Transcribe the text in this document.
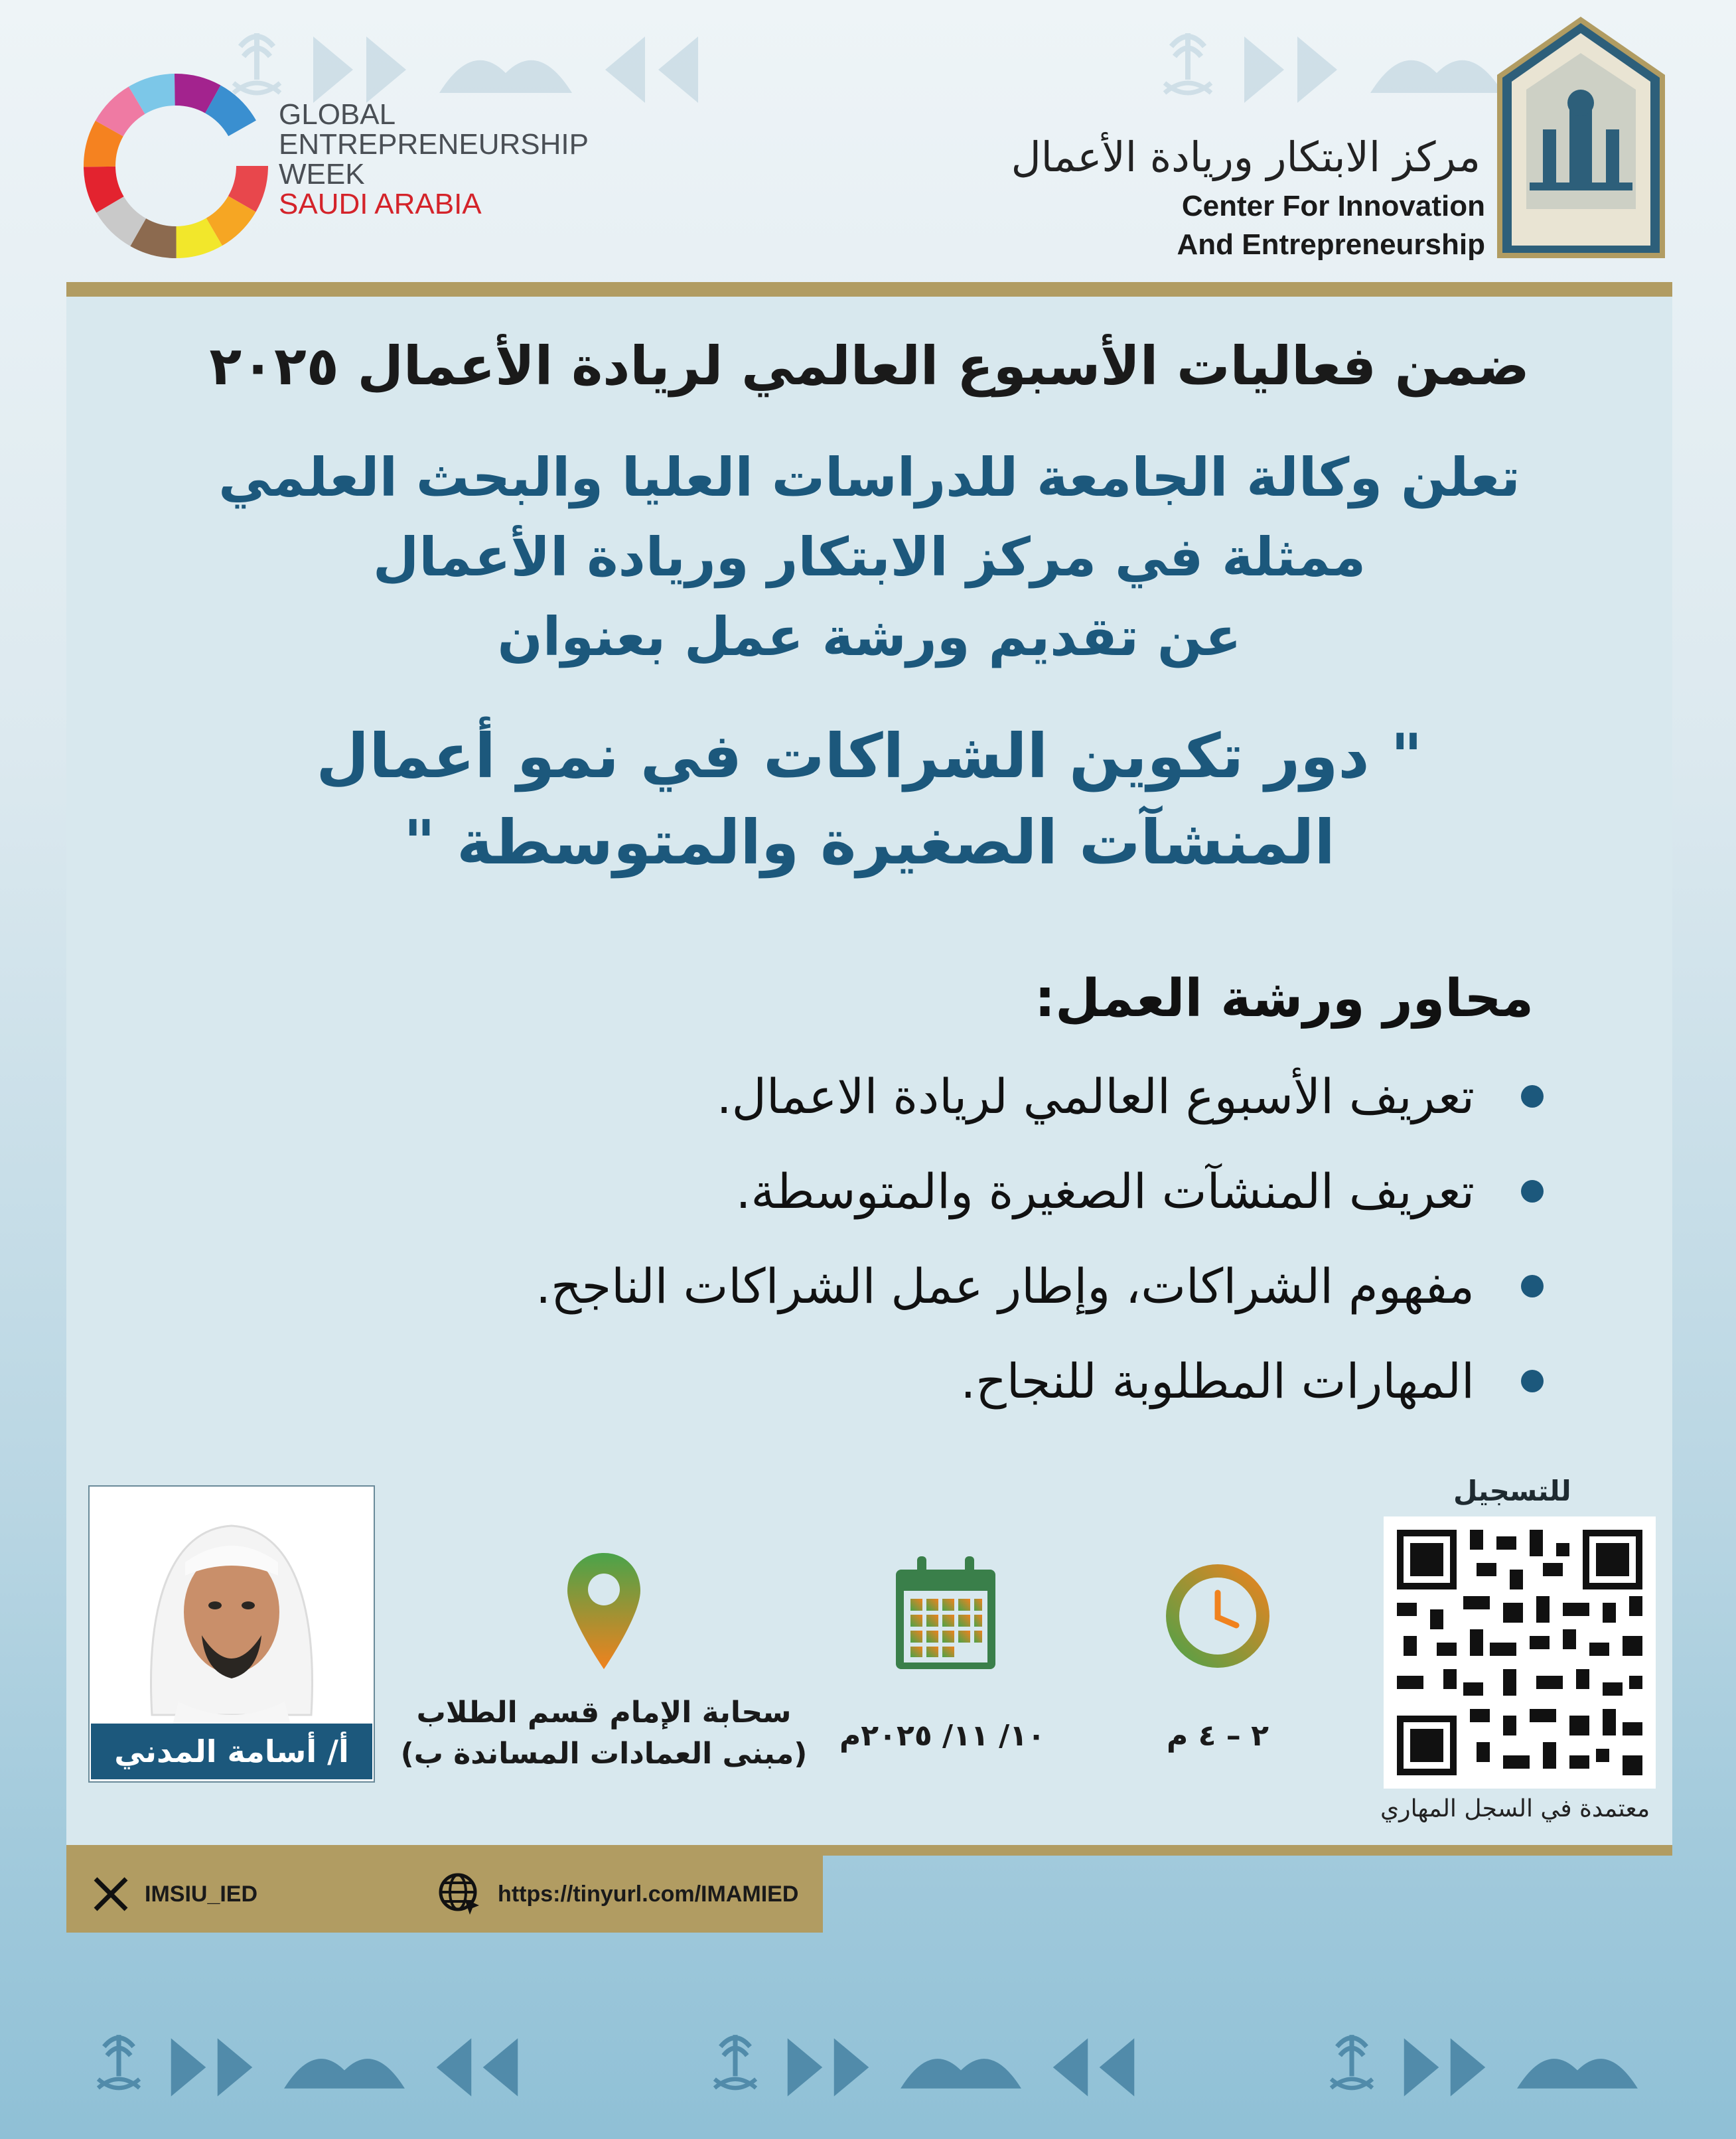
GLOBAL
ENTREPRENEURSHIP
WEEK
SAUDI ARABIA
مركز الابتكار وريادة الأعمال
Center For Innovation
And Entrepreneurship
ضمن فعاليات الأسبوع العالمي لريادة الأعمال ٢٠٢٥
تعلن وكالة الجامعة للدراسات العليا والبحث العلمي
ممثلة في مركز الابتكار وريادة الأعمال
عن تقديم ورشة عمل بعنوان
" دور تكوين الشراكات في نمو أعمال
المنشآت الصغيرة والمتوسطة "
محاور ورشة العمل:
تعريف الأسبوع العالمي لريادة الاعمال.
تعريف المنشآت الصغيرة والمتوسطة.
مفهوم الشراكات، وإطار عمل الشراكات الناجح.
المهارات المطلوبة للنجاح.
للتسجيل
معتمدة في السجل المهاري
٢ – ٤ م
١٠/ ١١/ ٢٠٢٥م
سحابة الإمام قسم الطلاب
(مبنى العمادات المساندة ب)
أ/ أسامة المدني
IMSIU_IED	https://tinyurl.com/IMAMIED
